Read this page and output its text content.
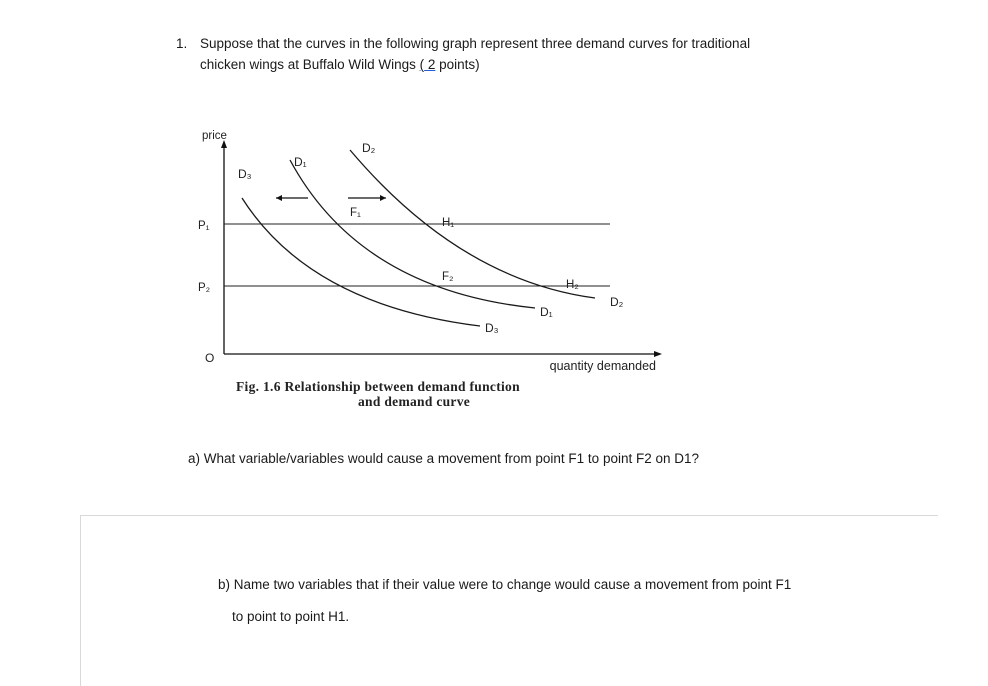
1. Suppose that the curves in the following graph represent three demand curves for traditional
chicken wings at Buffalo Wild Wings ( 2 points)
price
quantity demanded
O
P₁
P₂
D₃
D₃
D₁
D₁
D₂
D₂
F₁
F₂
H₁
H₂
Fig. 1.6 Relationship between demand function
and demand curve
a) What variable/variables would cause a movement from point F1 to point F2 on D1?
b) Name two variables that if their value were to change would cause a movement from point F1
to point to point H1.
